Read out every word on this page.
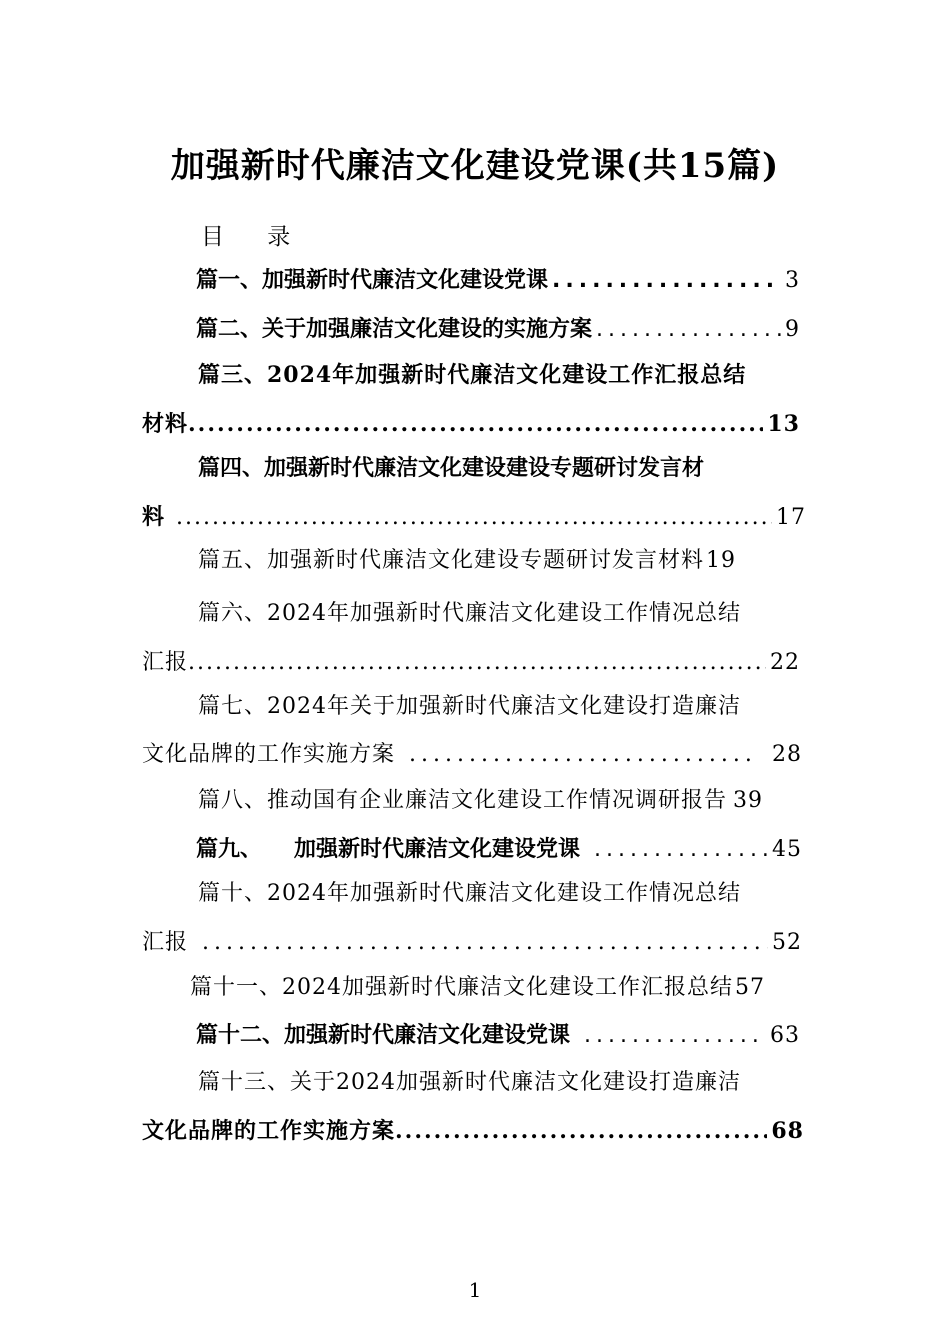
加强新时代廉洁文化建设党课(共15篇)
目 录
篇一、加强新时代廉洁文化建设党课 .....	3
篇二、关于加强廉洁文化建设的实施方案 .....	9
篇三、2024年加强新时代廉洁文化建设工作汇报总结
材料 .....	13
篇四、加强新时代廉洁文化建设建设专题研讨发言材
料 .....	17
篇五、加强新时代廉洁文化建设专题研讨发言材料 19
篇六、2024年加强新时代廉洁文化建设工作情况总结
汇报 .....	22
篇七、2024年关于加强新时代廉洁文化建设打造廉洁
文化品牌的工作实施方案 .....	28
篇八、推动国有企业廉洁文化建设工作情况调研报告 39
篇九、 加强新时代廉洁文化建设党课 .....	45
篇十、2024年加强新时代廉洁文化建设工作情况总结
汇报 .....	52
篇十一、2024加强新时代廉洁文化建设工作汇报总结 57
篇十二、加强新时代廉洁文化建设党课 .....	63
篇十三、关于2024加强新时代廉洁文化建设打造廉洁
文化品牌的工作实施方案 .....	68
1
